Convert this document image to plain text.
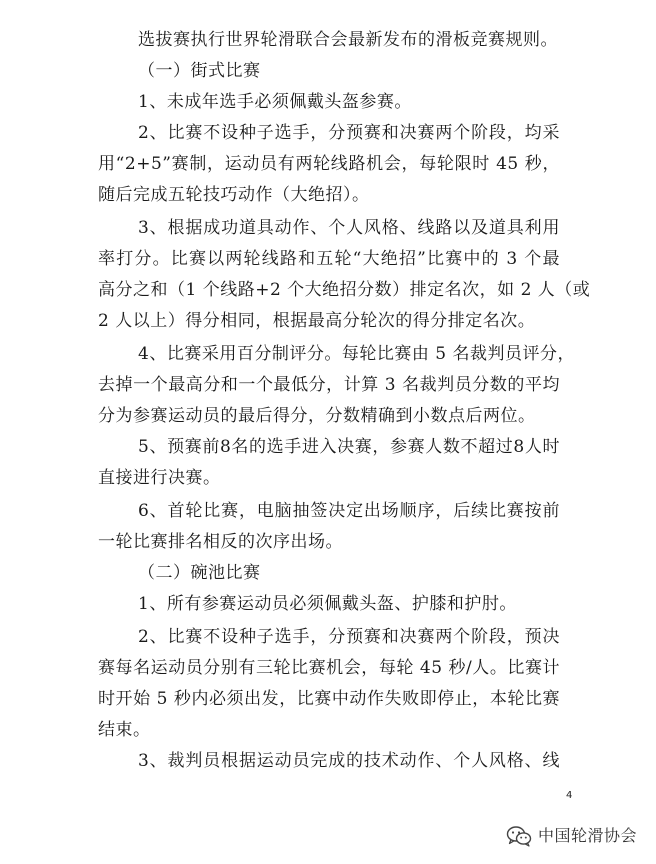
选拔赛执行世界轮滑联合会最新发布的滑板竞赛规则。
（一）街式比赛
1、未成年选手必须佩戴头盔参赛。
2、比赛不设种子选手，分预赛和决赛两个阶段，均采
用“2+5”赛制，运动员有两轮线路机会，每轮限时 45 秒，
随后完成五轮技巧动作（大绝招）。
3、根据成功道具动作、个人风格、线路以及道具利用
率打分。比赛以两轮线路和五轮“大绝招”比赛中的 3 个最
高分之和（1 个线路+2 个大绝招分数）排定名次，如 2 人（或
2 人以上）得分相同，根据最高分轮次的得分排定名次。
4、比赛采用百分制评分。每轮比赛由 5 名裁判员评分，
去掉一个最高分和一个最低分，计算 3 名裁判员分数的平均
分为参赛运动员的最后得分，分数精确到小数点后两位。
5、预赛前8名的选手进入决赛，参赛人数不超过8人时
直接进行决赛。
6、首轮比赛，电脑抽签决定出场顺序，后续比赛按前
一轮比赛排名相反的次序出场。
（二）碗池比赛
1、所有参赛运动员必须佩戴头盔、护膝和护肘。
2、比赛不设种子选手，分预赛和决赛两个阶段，预决
赛每名运动员分别有三轮比赛机会，每轮 45 秒/人。比赛计
时开始 5 秒内必须出发，比赛中动作失败即停止，本轮比赛
结束。
3、裁判员根据运动员完成的技术动作、个人风格、线
4
中国轮滑协会
